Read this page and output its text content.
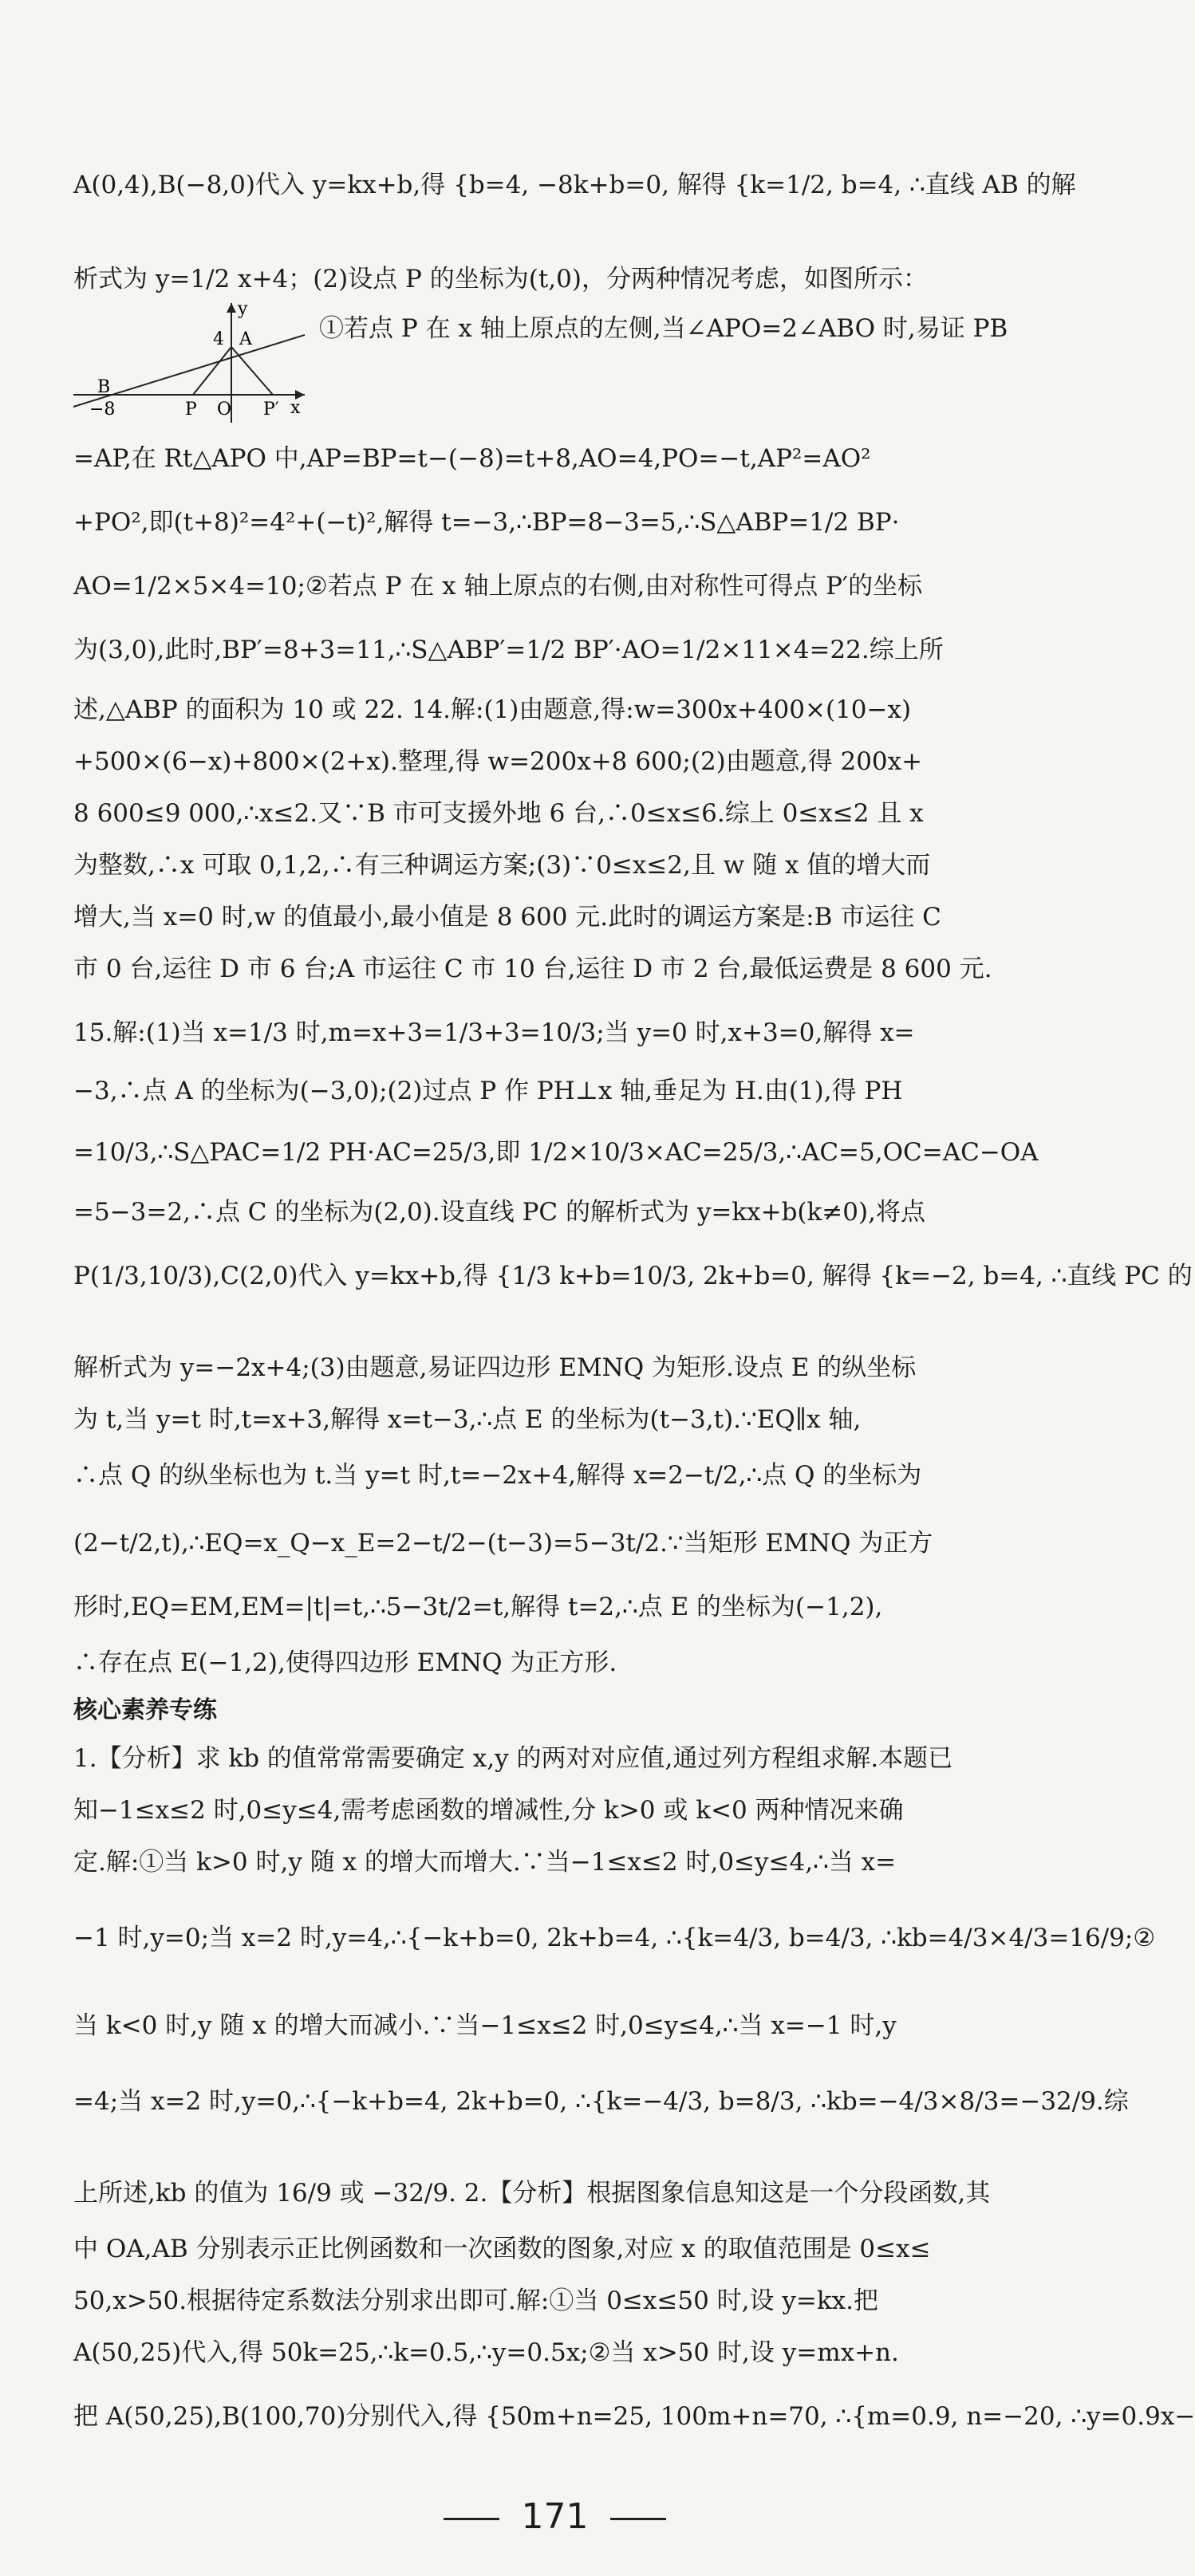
A(0,4),B(−8,0)代入 y=kx+b,得 {b=4, −8k+b=0, 解得 {k=1/2, b=4, ∴直线 AB 的解
析式为 y=1/2 x+4；(2)设点 P 的坐标为(t,0)，分两种情况考虑，如图所示：
y
x
4 A
B
P O P′
−8
①若点 P 在 x 轴上原点的左侧,当∠APO=2∠ABO 时,易证 PB
=AP,在 Rt△APO 中,AP=BP=t−(−8)=t+8,AO=4,PO=−t,AP²=AO²
+PO²,即(t+8)²=4²+(−t)²,解得 t=−3,∴BP=8−3=5,∴S△ABP=1/2 BP·
AO=1/2×5×4=10;②若点 P 在 x 轴上原点的右侧,由对称性可得点 P′的坐标
为(3,0),此时,BP′=8+3=11,∴S△ABP′=1/2 BP′·AO=1/2×11×4=22.综上所
述,△ABP 的面积为 10 或 22. 14.解:(1)由题意,得:w=300x+400×(10−x)
+500×(6−x)+800×(2+x).整理,得 w=200x+8 600;(2)由题意,得 200x+
8 600≤9 000,∴x≤2.又∵B 市可支援外地 6 台,∴0≤x≤6.综上 0≤x≤2 且 x
为整数,∴x 可取 0,1,2,∴有三种调运方案;(3)∵0≤x≤2,且 w 随 x 值的增大而
增大,当 x=0 时,w 的值最小,最小值是 8 600 元.此时的调运方案是:B 市运往 C
市 0 台,运往 D 市 6 台;A 市运往 C 市 10 台,运往 D 市 2 台,最低运费是 8 600 元.
15.解:(1)当 x=1/3 时,m=x+3=1/3+3=10/3;当 y=0 时,x+3=0,解得 x=
−3,∴点 A 的坐标为(−3,0);(2)过点 P 作 PH⊥x 轴,垂足为 H.由(1),得 PH
=10/3,∴S△PAC=1/2 PH·AC=25/3,即 1/2×10/3×AC=25/3,∴AC=5,OC=AC−OA
=5−3=2,∴点 C 的坐标为(2,0).设直线 PC 的解析式为 y=kx+b(k≠0),将点
P(1/3,10/3),C(2,0)代入 y=kx+b,得 {1/3 k+b=10/3, 2k+b=0, 解得 {k=−2, b=4, ∴直线 PC 的
解析式为 y=−2x+4;(3)由题意,易证四边形 EMNQ 为矩形.设点 E 的纵坐标
为 t,当 y=t 时,t=x+3,解得 x=t−3,∴点 E 的坐标为(t−3,t).∵EQ∥x 轴,
∴点 Q 的纵坐标也为 t.当 y=t 时,t=−2x+4,解得 x=2−t/2,∴点 Q 的坐标为
(2−t/2,t),∴EQ=x_Q−x_E=2−t/2−(t−3)=5−3t/2.∵当矩形 EMNQ 为正方
形时,EQ=EM,EM=|t|=t,∴5−3t/2=t,解得 t=2,∴点 E 的坐标为(−1,2),
∴存在点 E(−1,2),使得四边形 EMNQ 为正方形.
核心素养专练
1.【分析】求 kb 的值常常需要确定 x,y 的两对对应值,通过列方程组求解.本题已
知−1≤x≤2 时,0≤y≤4,需考虑函数的增减性,分 k>0 或 k<0 两种情况来确
定.解:①当 k>0 时,y 随 x 的增大而增大.∵当−1≤x≤2 时,0≤y≤4,∴当 x=
−1 时,y=0;当 x=2 时,y=4,∴{−k+b=0, 2k+b=4, ∴{k=4/3, b=4/3, ∴kb=4/3×4/3=16/9;②
当 k<0 时,y 随 x 的增大而减小.∵当−1≤x≤2 时,0≤y≤4,∴当 x=−1 时,y
=4;当 x=2 时,y=0,∴{−k+b=4, 2k+b=0, ∴{k=−4/3, b=8/3, ∴kb=−4/3×8/3=−32/9.综
上所述,kb 的值为 16/9 或 −32/9. 2.【分析】根据图象信息知这是一个分段函数,其
中 OA,AB 分别表示正比例函数和一次函数的图象,对应 x 的取值范围是 0≤x≤
50,x>50.根据待定系数法分别求出即可.解:①当 0≤x≤50 时,设 y=kx.把
A(50,25)代入,得 50k=25,∴k=0.5,∴y=0.5x;②当 x>50 时,设 y=mx+n.
把 A(50,25),B(100,70)分别代入,得 {50m+n=25, 100m+n=70, ∴{m=0.9, n=−20, ∴y=0.9x−
171
